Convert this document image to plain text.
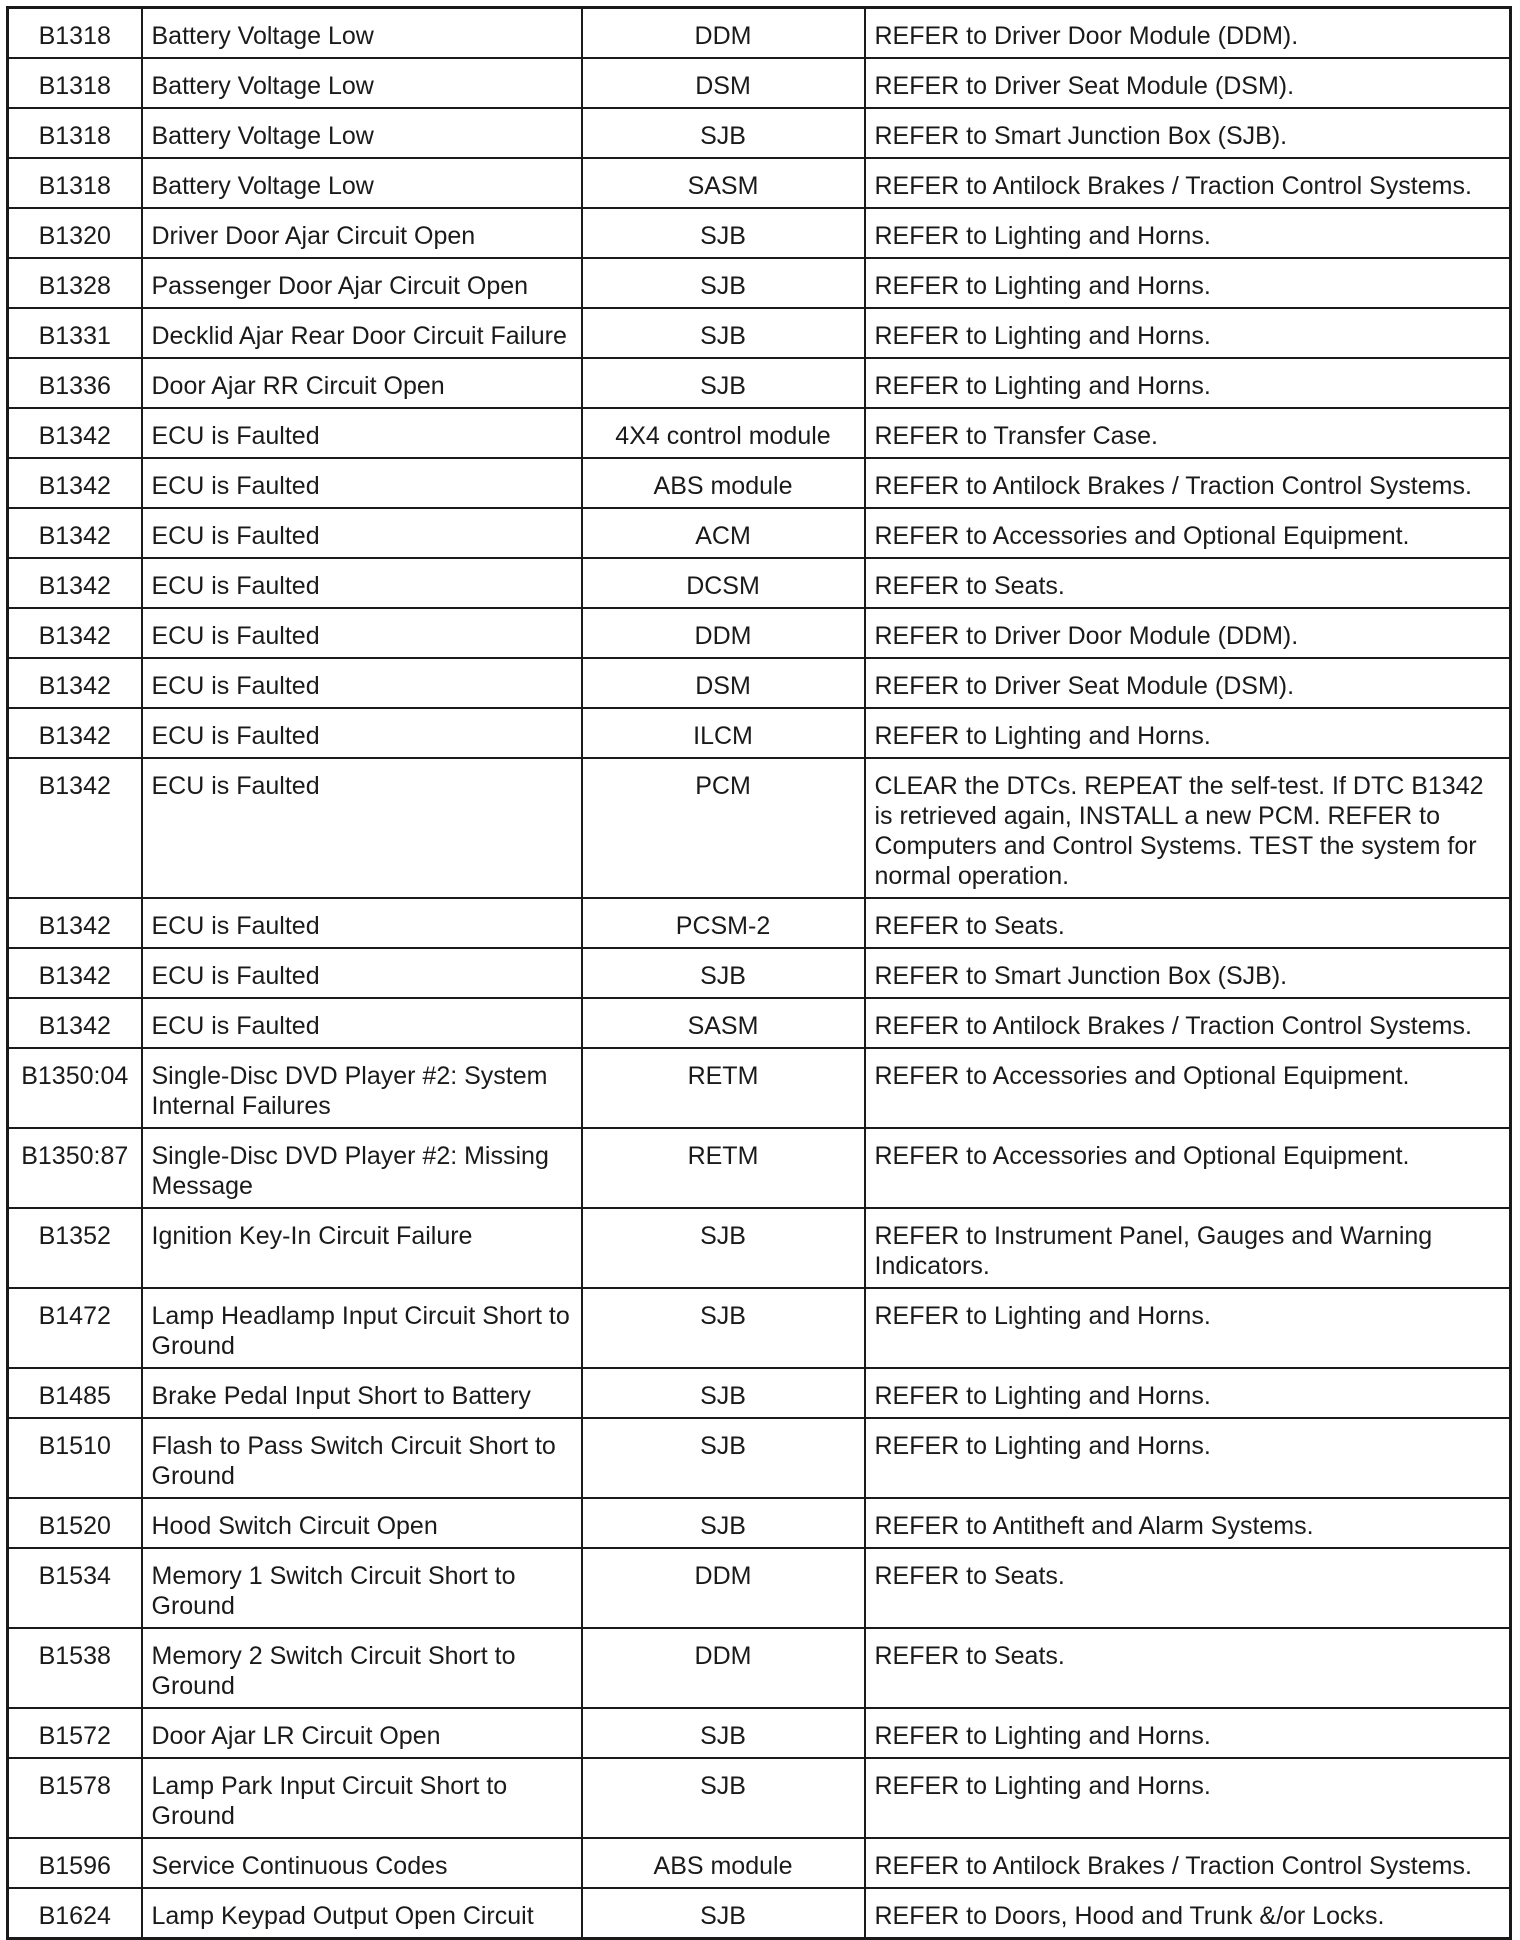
B1318	Battery Voltage Low	DDM	REFER to Driver Door Module (DDM).
B1318	Battery Voltage Low	DSM	REFER to Driver Seat Module (DSM).
B1318	Battery Voltage Low	SJB	REFER to Smart Junction Box (SJB).
B1318	Battery Voltage Low	SASM	REFER to Antilock Brakes / Traction Control Systems.
B1320	Driver Door Ajar Circuit Open	SJB	REFER to Lighting and Horns.
B1328	Passenger Door Ajar Circuit Open	SJB	REFER to Lighting and Horns.
B1331	Decklid Ajar Rear Door Circuit Failure	SJB	REFER to Lighting and Horns.
B1336	Door Ajar RR Circuit Open	SJB	REFER to Lighting and Horns.
B1342	ECU is Faulted	4X4 control module	REFER to Transfer Case.
B1342	ECU is Faulted	ABS module	REFER to Antilock Brakes / Traction Control Systems.
B1342	ECU is Faulted	ACM	REFER to Accessories and Optional Equipment.
B1342	ECU is Faulted	DCSM	REFER to Seats.
B1342	ECU is Faulted	DDM	REFER to Driver Door Module (DDM).
B1342	ECU is Faulted	DSM	REFER to Driver Seat Module (DSM).
B1342	ECU is Faulted	ILCM	REFER to Lighting and Horns.
B1342	ECU is Faulted	PCM	CLEAR the DTCs. REPEAT the self-test. If DTC B1342 is retrieved again, INSTALL a new PCM. REFER to Computers and Control Systems. TEST the system for normal operation.
B1342	ECU is Faulted	PCSM-2	REFER to Seats.
B1342	ECU is Faulted	SJB	REFER to Smart Junction Box (SJB).
B1342	ECU is Faulted	SASM	REFER to Antilock Brakes / Traction Control Systems.
B1350:04	Single-Disc DVD Player #2: System Internal Failures	RETM	REFER to Accessories and Optional Equipment.
B1350:87	Single-Disc DVD Player #2: Missing Message	RETM	REFER to Accessories and Optional Equipment.
B1352	Ignition Key-In Circuit Failure	SJB	REFER to Instrument Panel, Gauges and Warning Indicators.
B1472	Lamp Headlamp Input Circuit Short to Ground	SJB	REFER to Lighting and Horns.
B1485	Brake Pedal Input Short to Battery	SJB	REFER to Lighting and Horns.
B1510	Flash to Pass Switch Circuit Short to Ground	SJB	REFER to Lighting and Horns.
B1520	Hood Switch Circuit Open	SJB	REFER to Antitheft and Alarm Systems.
B1534	Memory 1 Switch Circuit Short to Ground	DDM	REFER to Seats.
B1538	Memory 2 Switch Circuit Short to Ground	DDM	REFER to Seats.
B1572	Door Ajar LR Circuit Open	SJB	REFER to Lighting and Horns.
B1578	Lamp Park Input Circuit Short to Ground	SJB	REFER to Lighting and Horns.
B1596	Service Continuous Codes	ABS module	REFER to Antilock Brakes / Traction Control Systems.
B1624	Lamp Keypad Output Open Circuit	SJB	REFER to Doors, Hood and Trunk &/or Locks.
